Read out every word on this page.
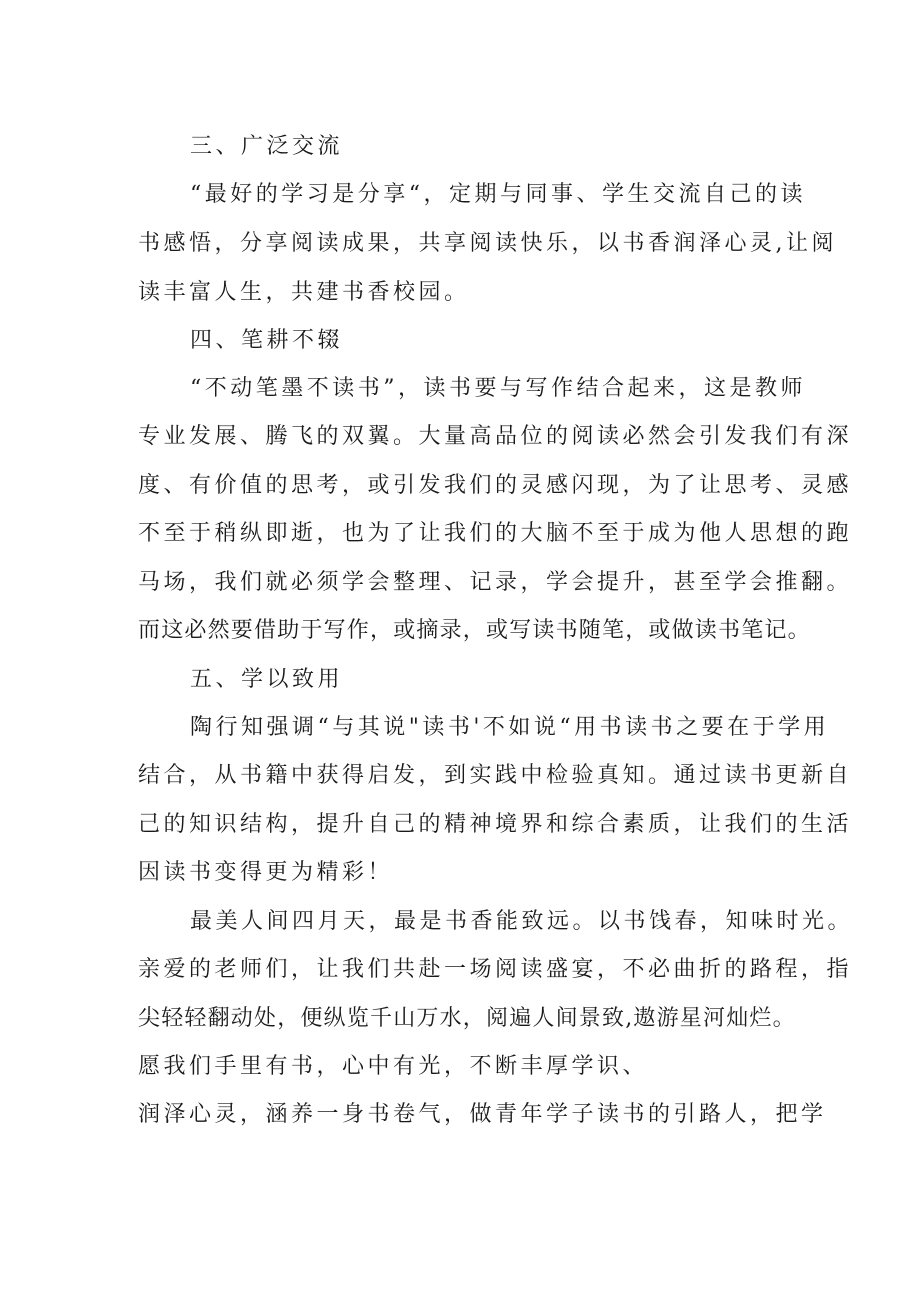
三、广泛交流
“最好的学习是分享“，定期与同事、学生交流自己的读
书感悟，分享阅读成果，共享阅读快乐，以书香润泽心灵,让阅
读丰富人生，共建书香校园。
四、笔耕不辍
“不动笔墨不读书”，读书要与写作结合起来，这是教师
专业发展、腾飞的双翼。大量高品位的阅读必然会引发我们有深
度、有价值的思考，或引发我们的灵感闪现，为了让思考、灵感
不至于稍纵即逝，也为了让我们的大脑不至于成为他人思想的跑
马场，我们就必须学会整理、记录，学会提升，甚至学会推翻。
而这必然要借助于写作，或摘录，或写读书随笔，或做读书笔记。
五、学以致用
陶行知强调“与其说"读书'不如说“用书读书之要在于学用
结合，从书籍中获得启发，到实践中检验真知。通过读书更新自
己的知识结构，提升自己的精神境界和综合素质，让我们的生活
因读书变得更为精彩！
最美人间四月天，最是书香能致远。以书饯春，知味时光。
亲爱的老师们，让我们共赴一场阅读盛宴，不必曲折的路程，指
尖轻轻翻动处，便纵览千山万水，阅遍人间景致,遨游星河灿烂。
愿我们手里有书，心中有光，不断丰厚学识、
润泽心灵，涵养一身书卷气，做青年学子读书的引路人，把学
